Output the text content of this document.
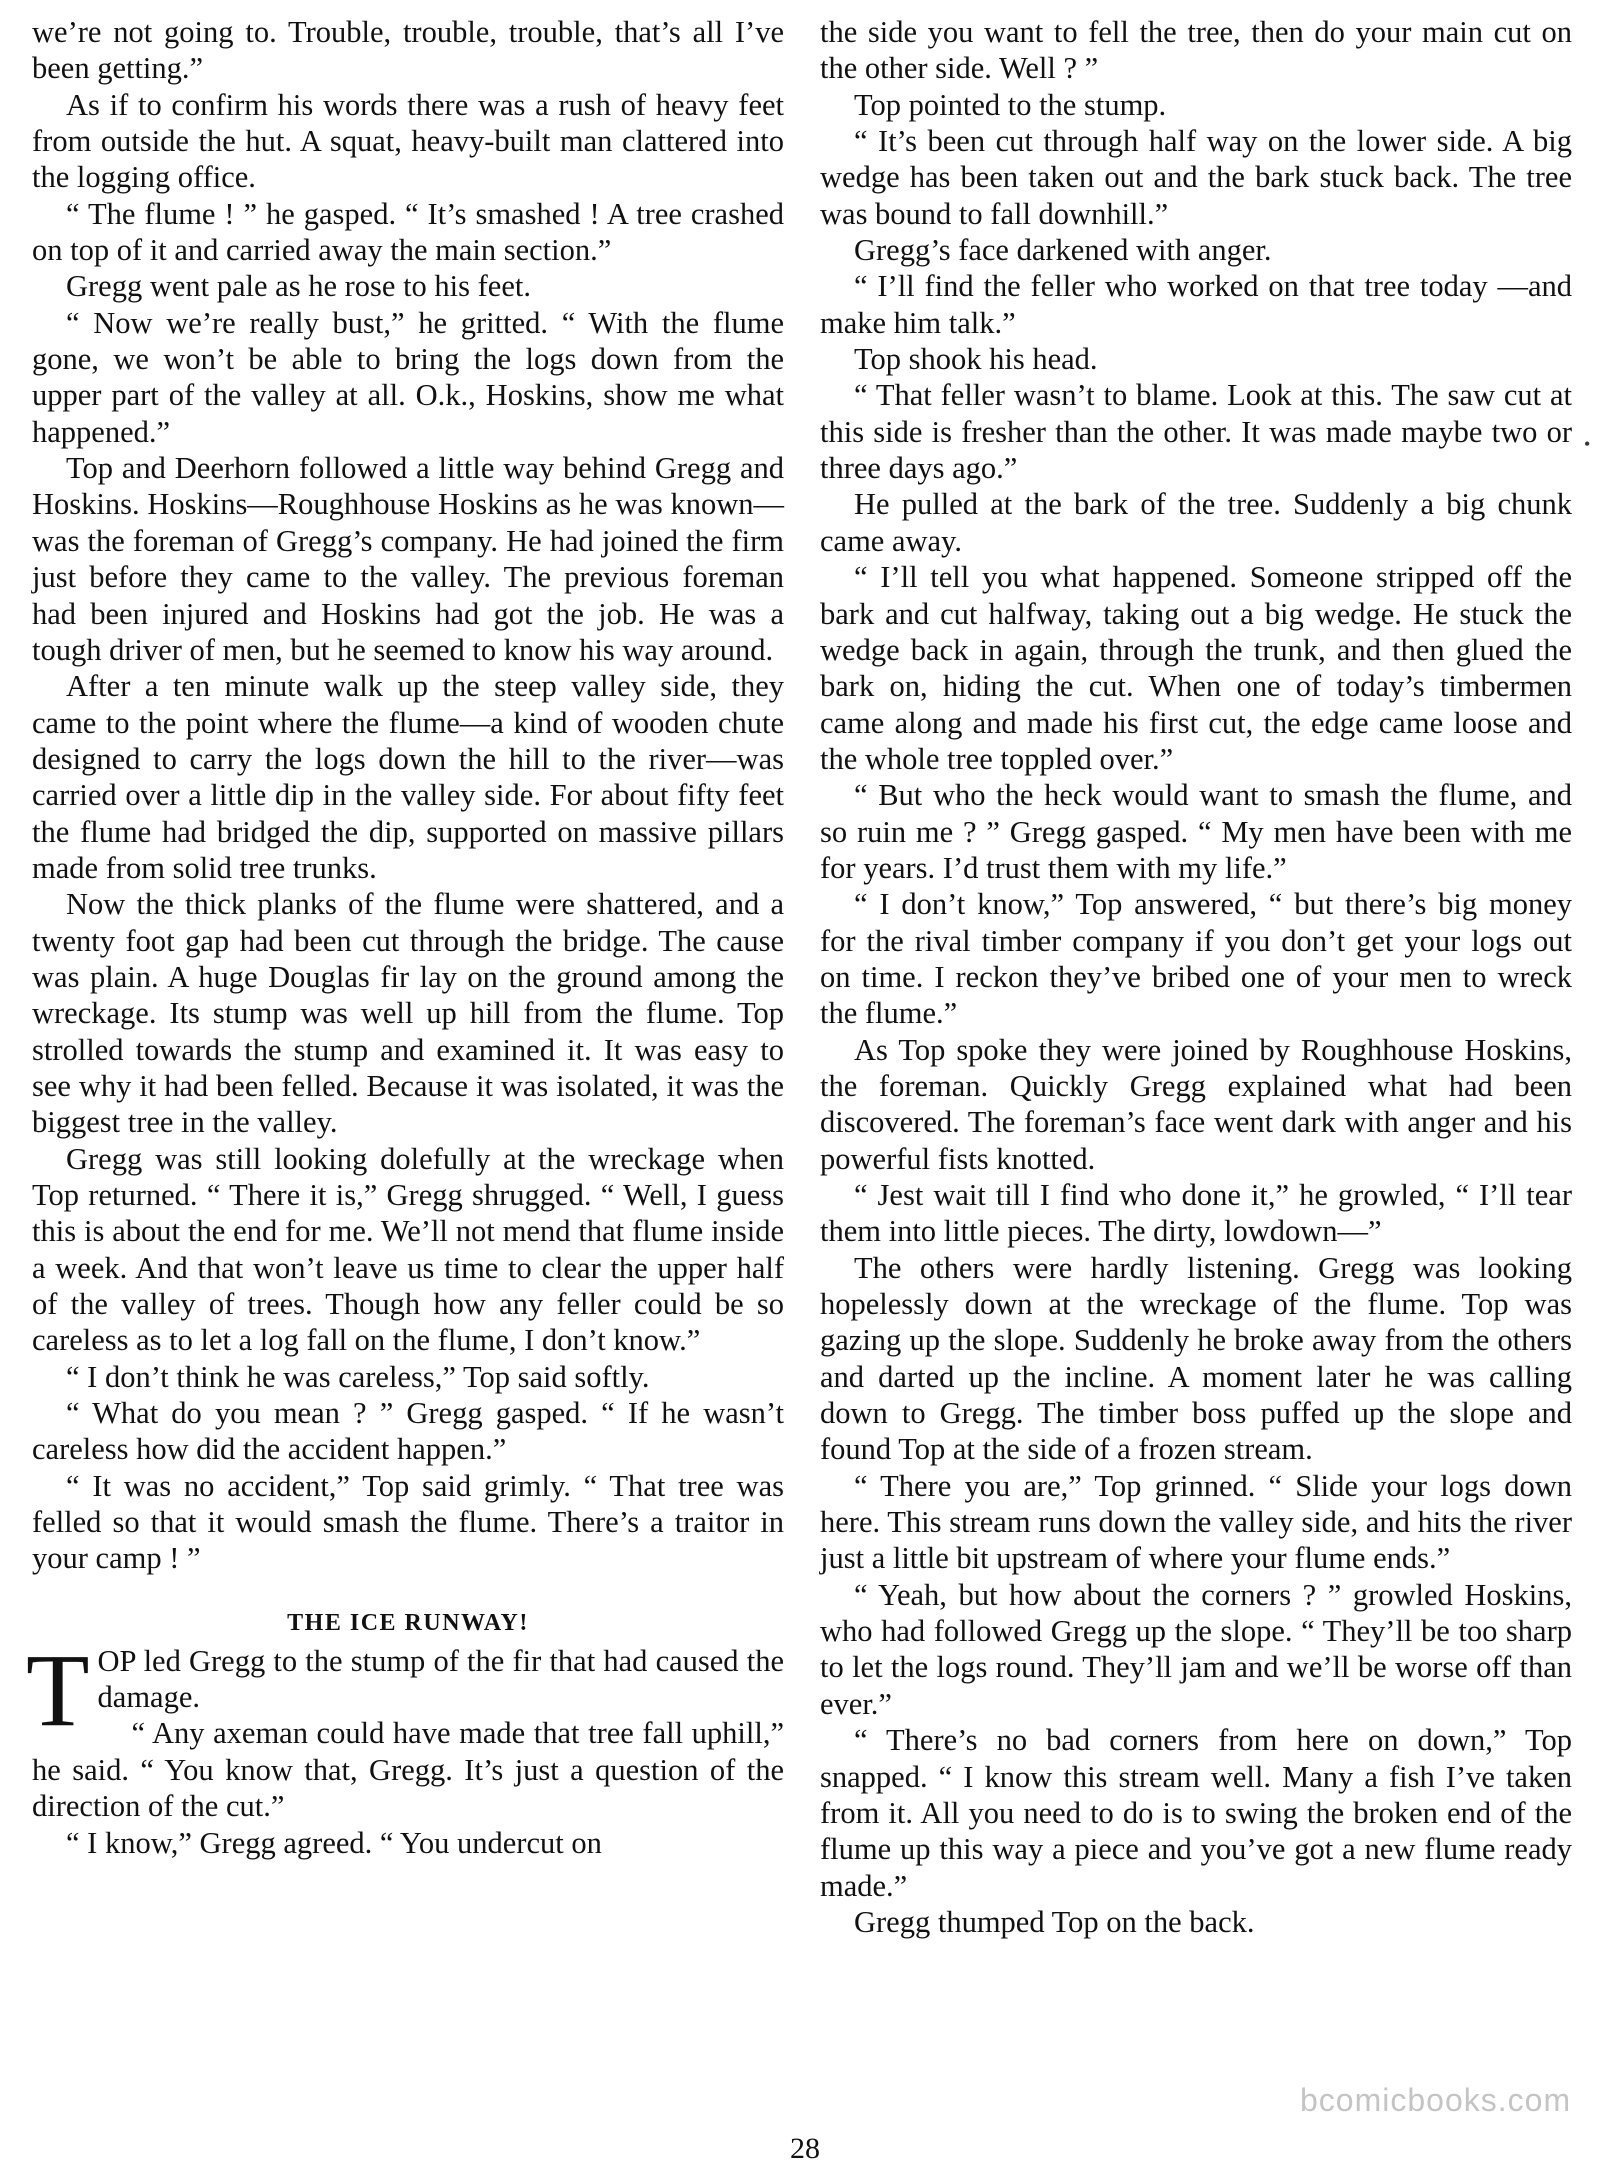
we’re not going to. Trouble, trouble, trouble, that’s all I’ve been getting.”

As if to confirm his words there was a rush of heavy feet from outside the hut. A squat, heavy-built man clattered into the logging office.

“ The flume ! ” he gasped. “ It’s smashed ! A tree crashed on top of it and carried away the main section.”

Gregg went pale as he rose to his feet.

“ Now we’re really bust,” he gritted. “ With the flume gone, we won’t be able to bring the logs down from the upper part of the valley at all. O.k., Hoskins, show me what happened.”

Top and Deerhorn followed a little way behind Gregg and Hoskins. Hoskins—Roughhouse Hoskins as he was known—was the foreman of Gregg’s company. He had joined the firm just before they came to the valley. The previous foreman had been injured and Hoskins had got the job. He was a tough driver of men, but he seemed to know his way around.

After a ten minute walk up the steep valley side, they came to the point where the flume—a kind of wooden chute designed to carry the logs down the hill to the river—was carried over a little dip in the valley side. For about fifty feet the flume had bridged the dip, supported on massive pillars made from solid tree trunks.

Now the thick planks of the flume were shattered, and a twenty foot gap had been cut through the bridge. The cause was plain. A huge Douglas fir lay on the ground among the wreckage. Its stump was well up hill from the flume. Top strolled towards the stump and examined it. It was easy to see why it had been felled. Because it was isolated, it was the biggest tree in the valley.

Gregg was still looking dolefully at the wreckage when Top returned. “ There it is,” Gregg shrugged. “ Well, I guess this is about the end for me. We’ll not mend that flume inside a week. And that won’t leave us time to clear the upper half of the valley of trees. Though how any feller could be so careless as to let a log fall on the flume, I don’t know.”

“ I don’t think he was careless,” Top said softly.

“ What do you mean ? ” Gregg gasped. “ If he wasn’t careless how did the accident happen.”

“ It was no accident,” Top said grimly. “ That tree was felled so that it would smash the flume. There’s a traitor in your camp ! ”

THE ICE RUNWAY!

TOP led Gregg to the stump of the fir that had caused the damage.

“ Any axeman could have made that tree fall uphill,” he said. “ You know that, Gregg. It’s just a question of the direction of the cut.”

“ I know,” Gregg agreed. “ You undercut on

the side you want to fell the tree, then do your main cut on the other side. Well ? ”

Top pointed to the stump.

“ It’s been cut through half way on the lower side. A big wedge has been taken out and the bark stuck back. The tree was bound to fall downhill.”

Gregg’s face darkened with anger.

“ I’ll find the feller who worked on that tree today —and make him talk.”

Top shook his head.

“ That feller wasn’t to blame. Look at this. The saw cut at this side is fresher than the other. It was made maybe two or three days ago.”

He pulled at the bark of the tree. Suddenly a big chunk came away.

“ I’ll tell you what happened. Someone stripped off the bark and cut halfway, taking out a big wedge. He stuck the wedge back in again, through the trunk, and then glued the bark on, hiding the cut. When one of today’s timbermen came along and made his first cut, the edge came loose and the whole tree toppled over.”

“ But who the heck would want to smash the flume, and so ruin me ? ” Gregg gasped. “ My men have been with me for years. I’d trust them with my life.”

“ I don’t know,” Top answered, “ but there’s big money for the rival timber company if you don’t get your logs out on time. I reckon they’ve bribed one of your men to wreck the flume.”

As Top spoke they were joined by Roughhouse Hoskins, the foreman. Quickly Gregg explained what had been discovered. The foreman’s face went dark with anger and his powerful fists knotted.

“ Jest wait till I find who done it,” he growled, “ I’ll tear them into little pieces. The dirty, lowdown—”

The others were hardly listening. Gregg was looking hopelessly down at the wreckage of the flume. Top was gazing up the slope. Suddenly he broke away from the others and darted up the incline. A moment later he was calling down to Gregg. The timber boss puffed up the slope and found Top at the side of a frozen stream.

“ There you are,” Top grinned. “ Slide your logs down here. This stream runs down the valley side, and hits the river just a little bit upstream of where your flume ends.”

“ Yeah, but how about the corners ? ” growled Hoskins, who had followed Gregg up the slope. “ They’ll be too sharp to let the logs round. They’ll jam and we’ll be worse off than ever.”

“ There’s no bad corners from here on down,” Top snapped. “ I know this stream well. Many a fish I’ve taken from it. All you need to do is to swing the broken end of the flume up this way a piece and you’ve got a new flume ready made.”

Gregg thumped Top on the back.

•
bcomicbooks.com
28
